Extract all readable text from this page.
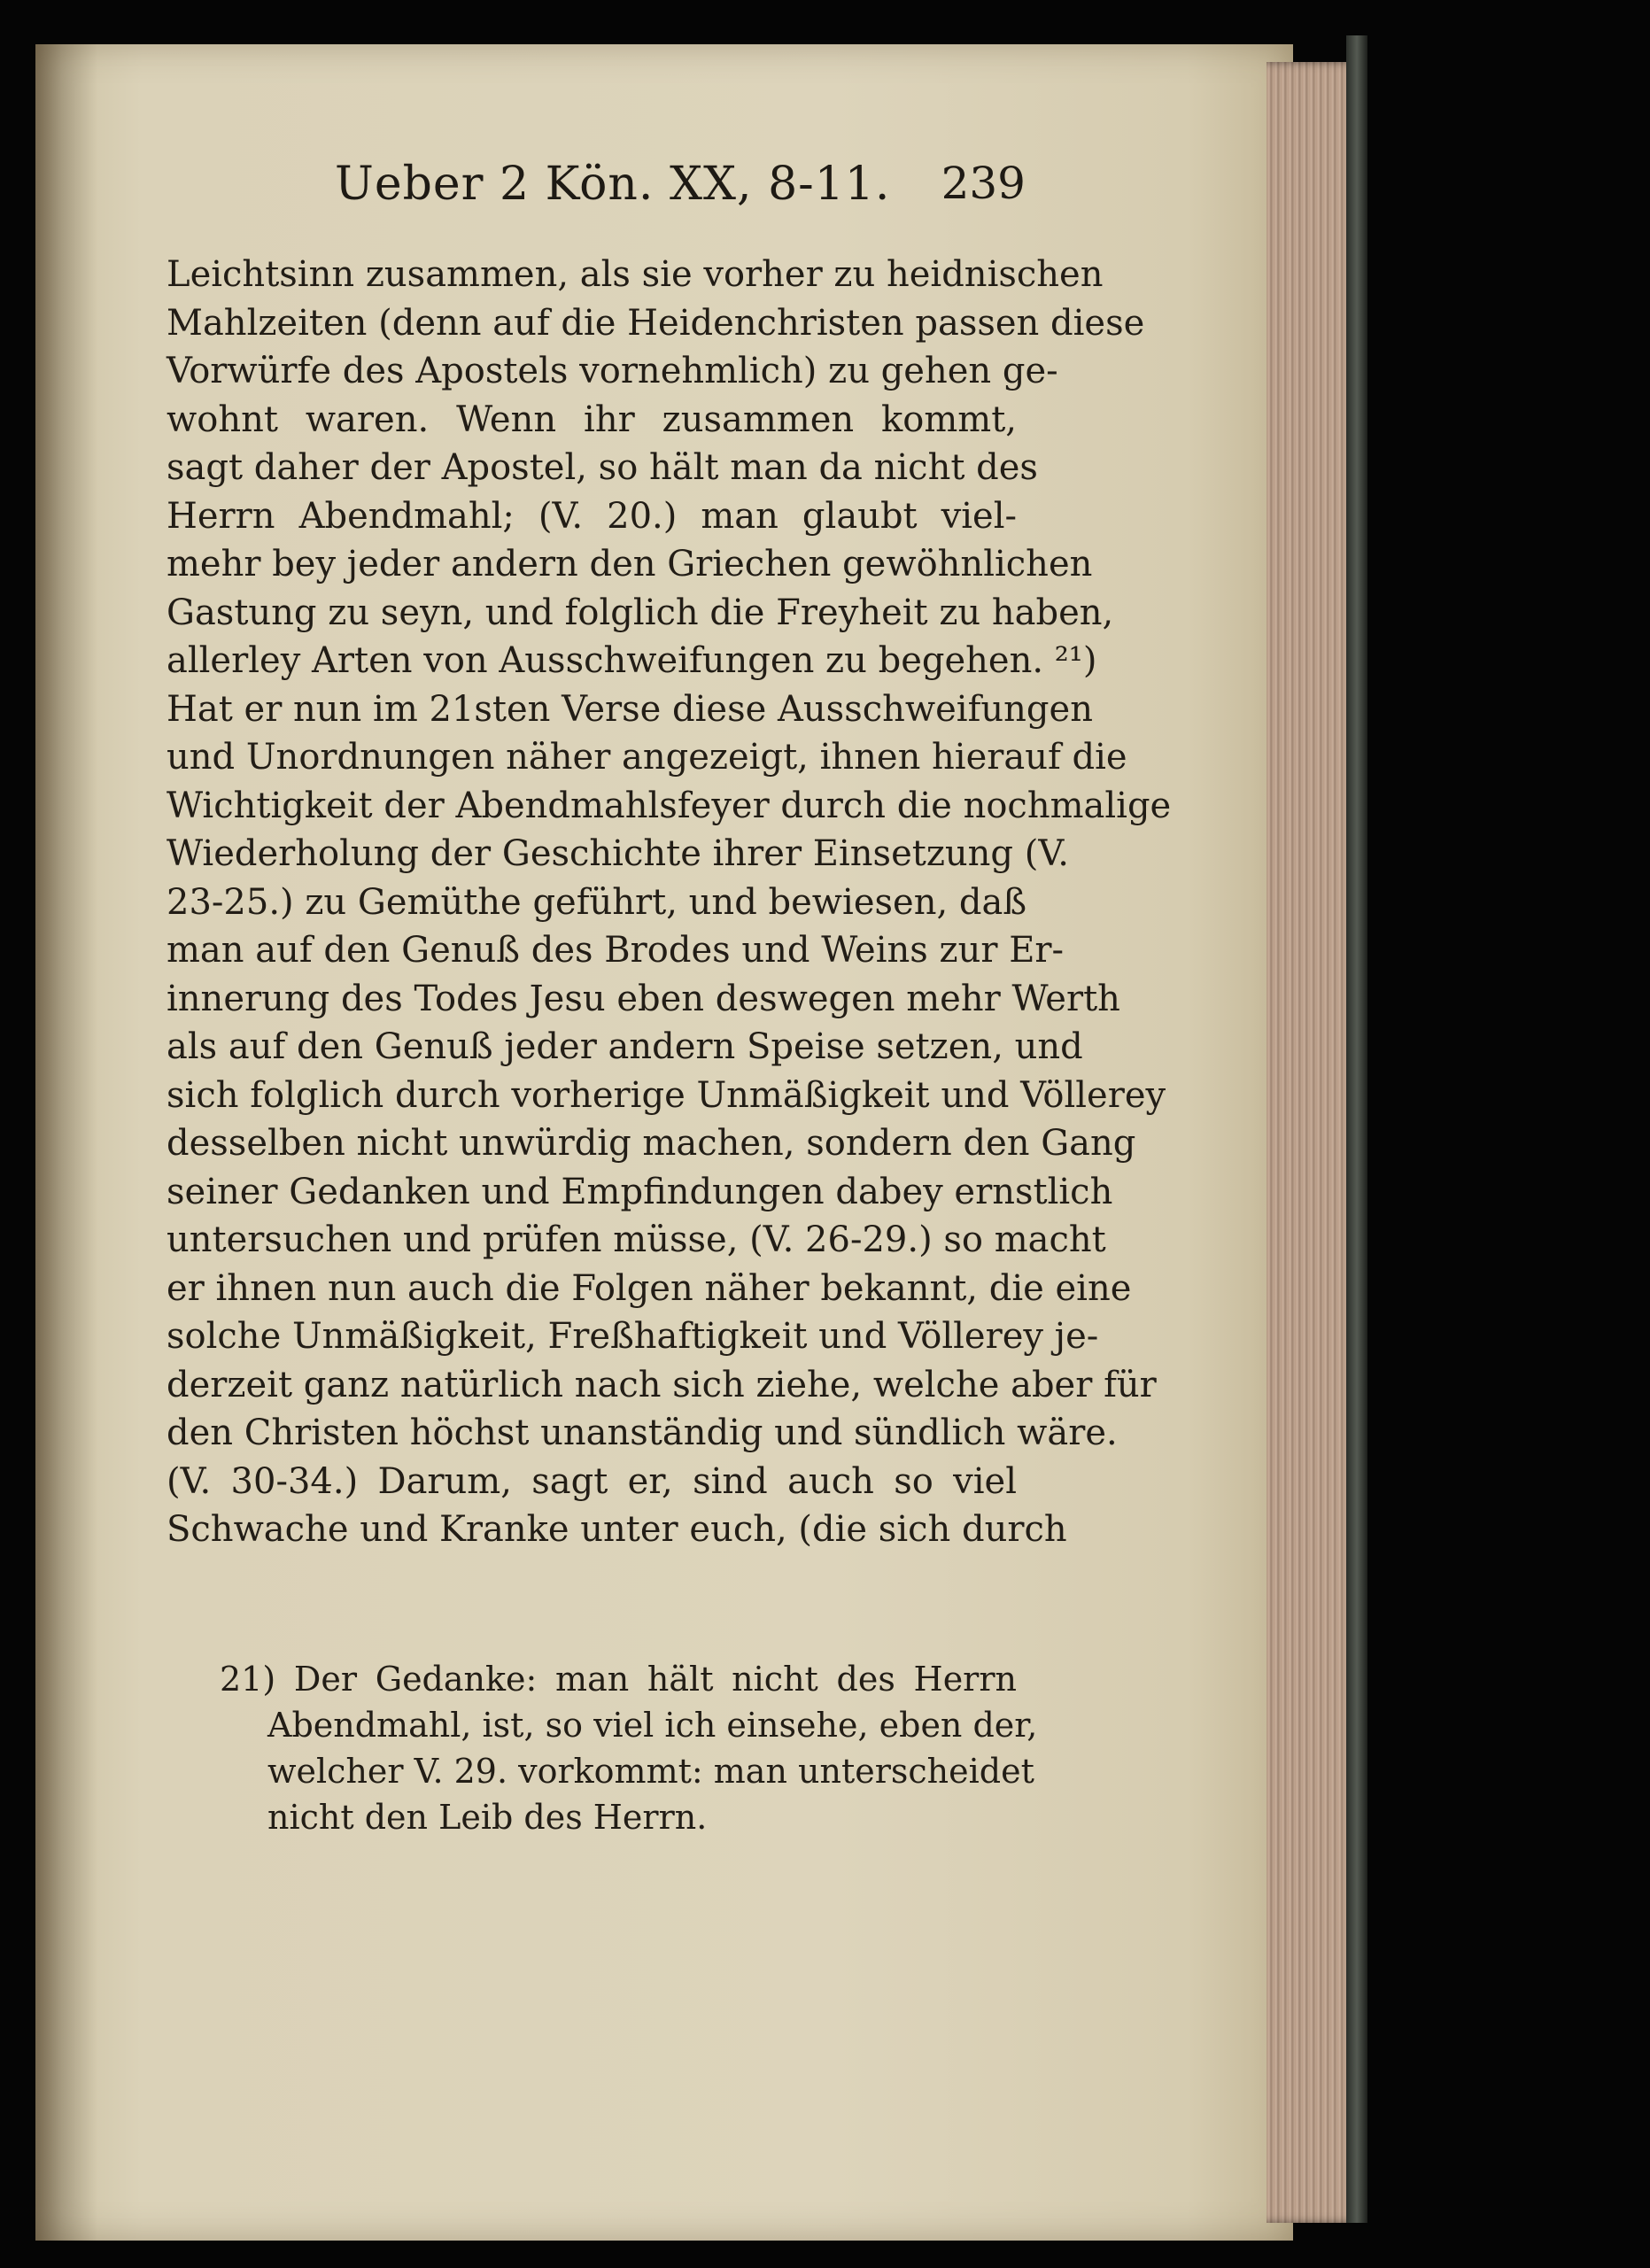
Ueber 2 Kön. XX, 8-11. 239
Leichtsinn zusammen, als sie vorher zu heidnischen
Mahlzeiten (denn auf die Heidenchristen passen diese
Vorwürfe des Apostels vornehmlich) zu gehen ge-
wohnt waren. Wenn ihr zusammen kommt,
sagt daher der Apostel, so hält man da nicht des
Herrn Abendmahl; (V. 20.) man glaubt viel-
mehr bey jeder andern den Griechen gewöhnlichen
Gastung zu seyn, und folglich die Freyheit zu haben,
allerley Arten von Ausschweifungen zu begehen. ²¹)
Hat er nun im 21sten Verse diese Ausschweifungen
und Unordnungen näher angezeigt, ihnen hierauf die
Wichtigkeit der Abendmahlsfeyer durch die nochmalige
Wiederholung der Geschichte ihrer Einsetzung (V.
23-25.) zu Gemüthe geführt, und bewiesen, daß
man auf den Genuß des Brodes und Weins zur Er-
innerung des Todes Jesu eben deswegen mehr Werth
als auf den Genuß jeder andern Speise setzen, und
sich folglich durch vorherige Unmäßigkeit und Völlerey
desselben nicht unwürdig machen, sondern den Gang
seiner Gedanken und Empfindungen dabey ernstlich
untersuchen und prüfen müsse, (V. 26-29.) so macht
er ihnen nun auch die Folgen näher bekannt, die eine
solche Unmäßigkeit, Freßhaftigkeit und Völlerey je-
derzeit ganz natürlich nach sich ziehe, welche aber für
den Christen höchst unanständig und sündlich wäre.
(V. 30-34.) Darum, sagt er, sind auch so viel
Schwache und Kranke unter euch, (die sich durch
21) Der Gedanke: man hält nicht des Herrn
Abendmahl, ist, so viel ich einsehe, eben der,
welcher V. 29. vorkommt: man unterscheidet
nicht den Leib des Herrn.
